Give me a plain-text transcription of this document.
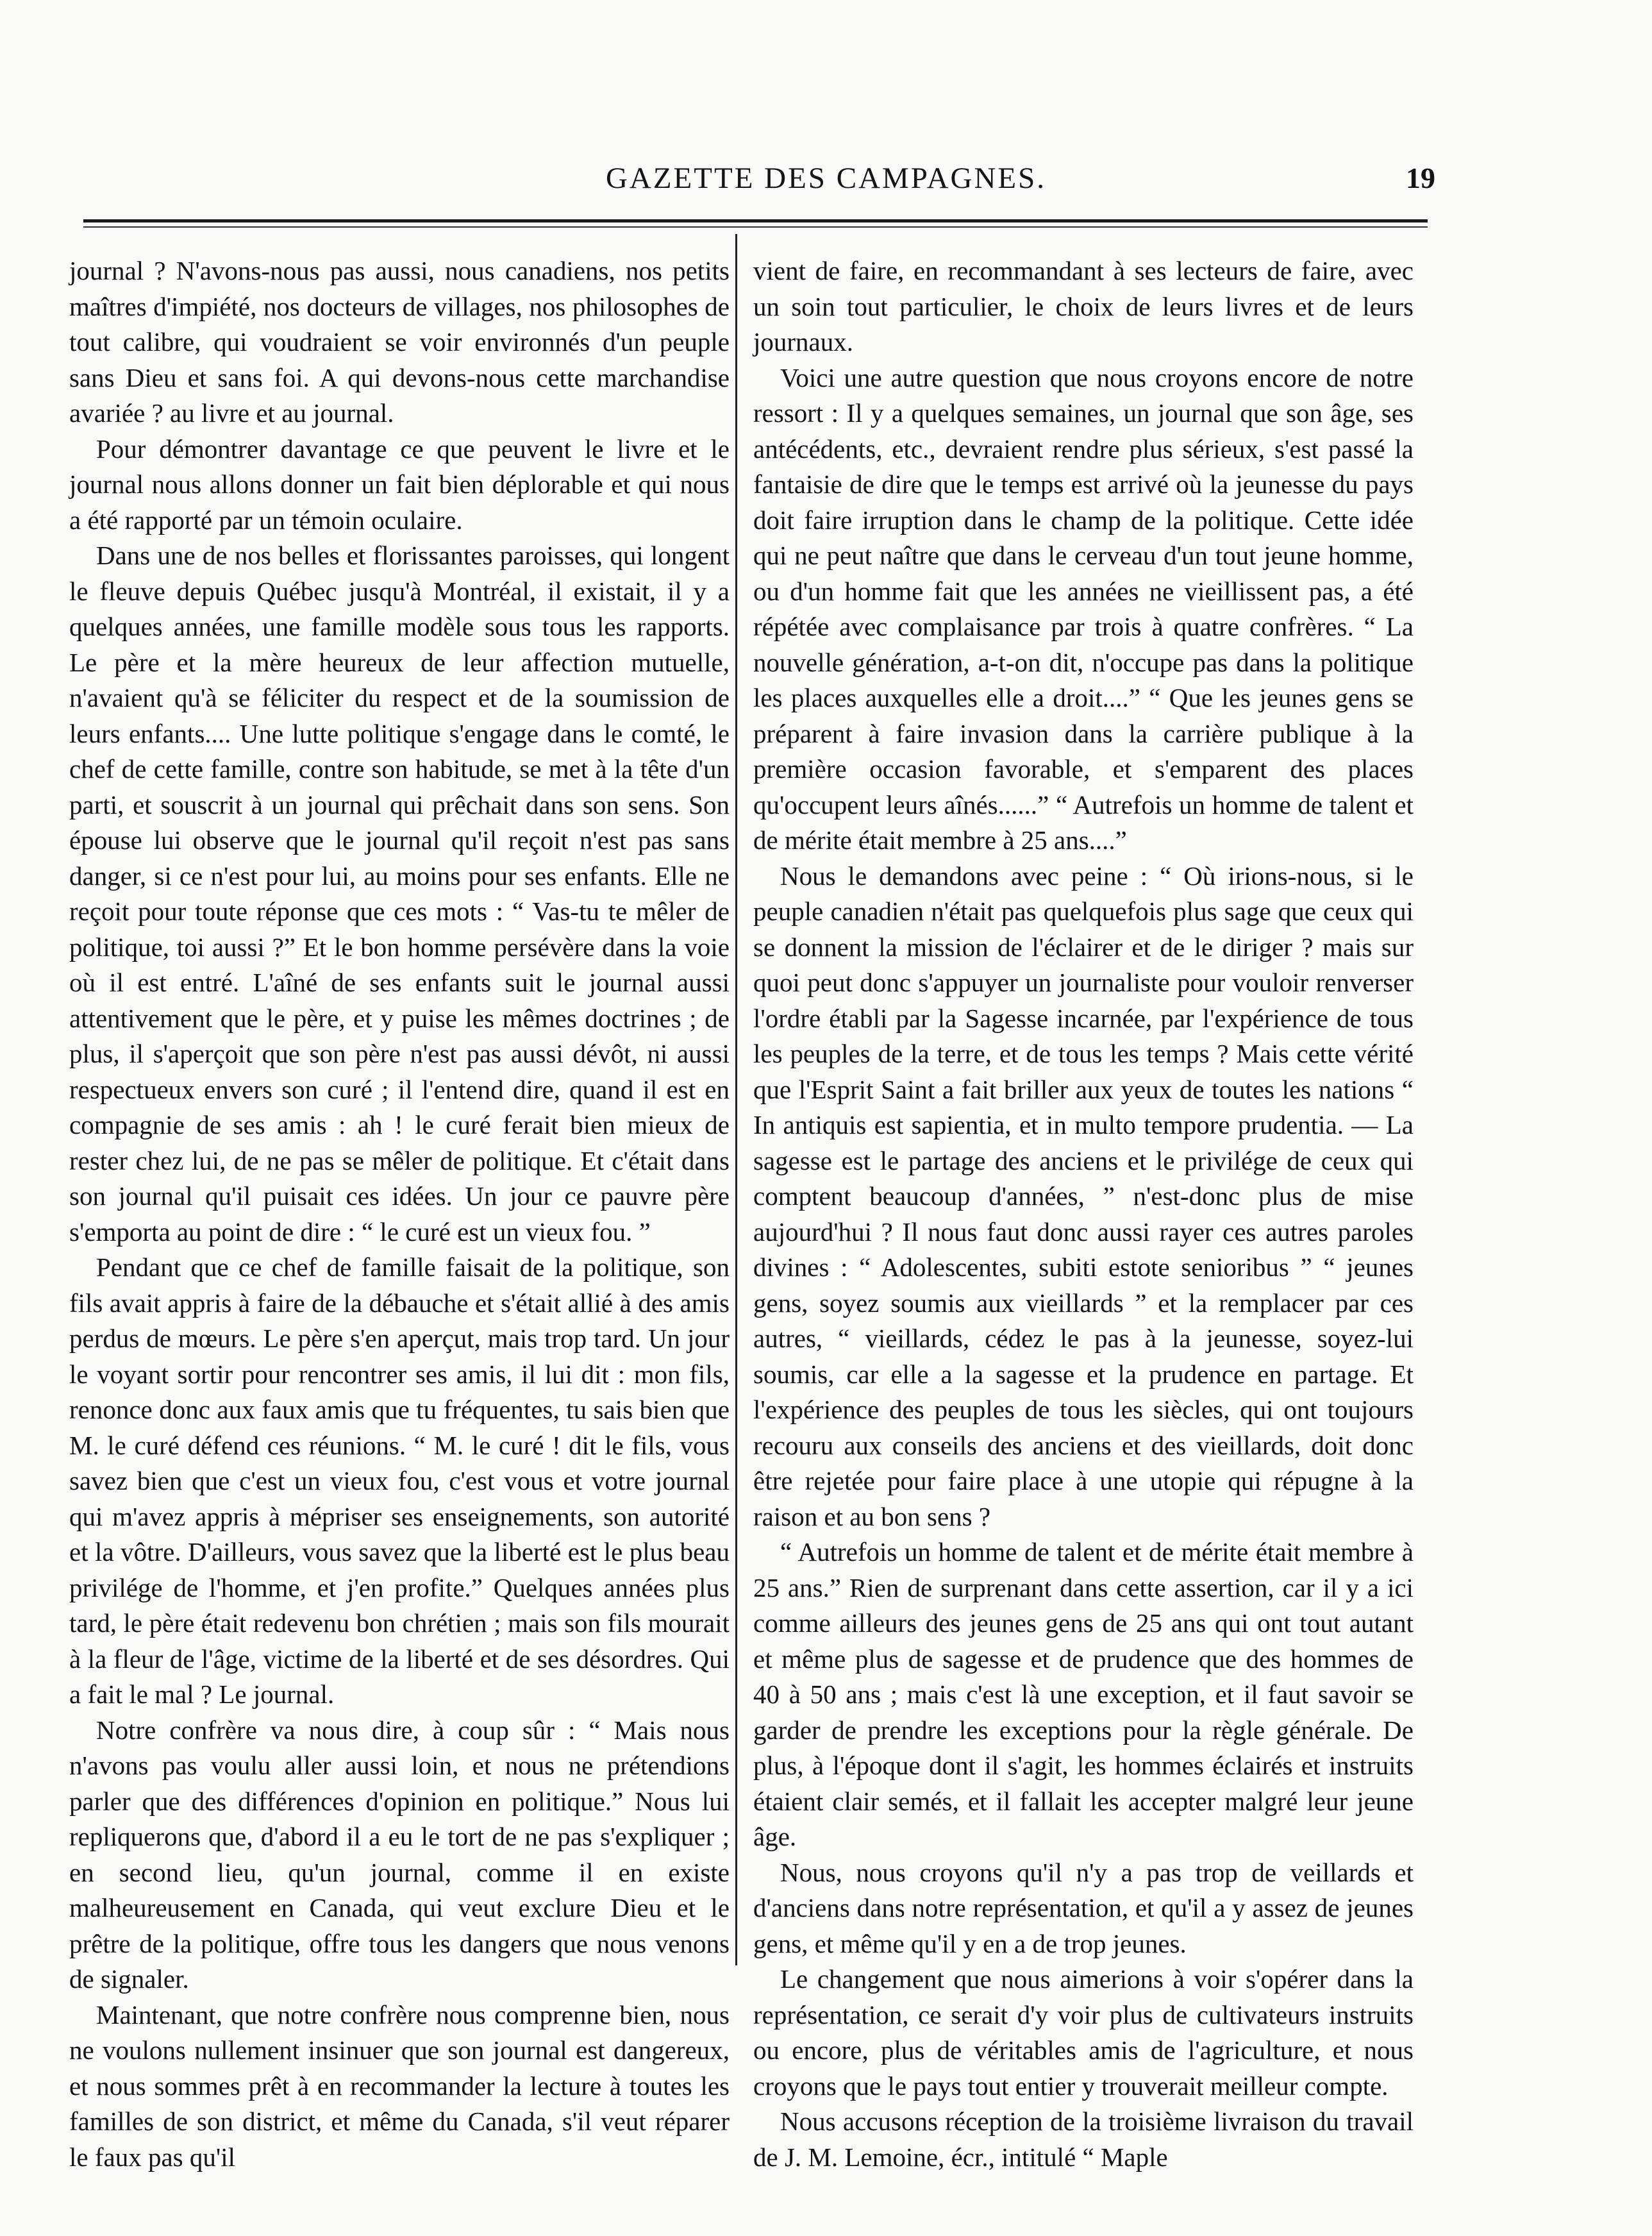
GAZETTE DES CAMPAGNES.	19

journal ? N'avons-nous pas aussi, nous canadiens, nos petits maîtres d'impiété, nos docteurs de villages, nos philosophes de tout calibre, qui voudraient se voir environnés d'un peuple sans Dieu et sans foi. A qui devons-nous cette marchandise avariée ? au livre et au journal.

Pour démontrer davantage ce que peuvent le livre et le journal nous allons donner un fait bien déplorable et qui nous a été rapporté par un témoin oculaire.

Dans une de nos belles et florissantes paroisses, qui longent le fleuve depuis Québec jusqu'à Montréal, il existait, il y a quelques années, une famille modèle sous tous les rapports. Le père et la mère heureux de leur affection mutuelle, n'avaient qu'à se féliciter du respect et de la soumission de leurs enfants.... Une lutte politique s'engage dans le comté, le chef de cette famille, contre son habitude, se met à la tête d'un parti, et souscrit à un journal qui prêchait dans son sens. Son épouse lui observe que le journal qu'il reçoit n'est pas sans danger, si ce n'est pour lui, au moins pour ses enfants. Elle ne reçoit pour toute réponse que ces mots : “ Vas-tu te mêler de politique, toi aussi ?” Et le bon homme persévère dans la voie où il est entré. L'aîné de ses enfants suit le journal aussi attentivement que le père, et y puise les mêmes doctrines ; de plus, il s'aperçoit que son père n'est pas aussi dévôt, ni aussi respectueux envers son curé ; il l'entend dire, quand il est en compagnie de ses amis : ah ! le curé ferait bien mieux de rester chez lui, de ne pas se mêler de politique. Et c'était dans son journal qu'il puisait ces idées. Un jour ce pauvre père s'emporta au point de dire : “ le curé est un vieux fou. ”

Pendant que ce chef de famille faisait de la politique, son fils avait appris à faire de la débauche et s'était allié à des amis perdus de mœurs. Le père s'en aperçut, mais trop tard. Un jour le voyant sortir pour rencontrer ses amis, il lui dit : mon fils, renonce donc aux faux amis que tu fréquentes, tu sais bien que M. le curé défend ces réunions. “ M. le curé ! dit le fils, vous savez bien que c'est un vieux fou, c'est vous et votre journal qui m'avez appris à mépriser ses enseignements, son autorité et la vôtre. D'ailleurs, vous savez que la liberté est le plus beau privilége de l'homme, et j'en profite.” Quelques années plus tard, le père était redevenu bon chrétien ; mais son fils mourait à la fleur de l'âge, victime de la liberté et de ses désordres. Qui a fait le mal ? Le journal.

Notre confrère va nous dire, à coup sûr : “ Mais nous n'avons pas voulu aller aussi loin, et nous ne prétendions parler que des différences d'opinion en politique.” Nous lui repliquerons que, d'abord il a eu le tort de ne pas s'expliquer ; en second lieu, qu'un journal, comme il en existe malheureusement en Canada, qui veut exclure Dieu et le prêtre de la politique, offre tous les dangers que nous venons de signaler.

Maintenant, que notre confrère nous comprenne bien, nous ne voulons nullement insinuer que son journal est dangereux, et nous sommes prêt à en recommander la lecture à toutes les familles de son district, et même du Canada, s'il veut réparer le faux pas qu'il

vient de faire, en recommandant à ses lecteurs de faire, avec un soin tout particulier, le choix de leurs livres et de leurs journaux.

Voici une autre question que nous croyons encore de notre ressort : Il y a quelques semaines, un journal que son âge, ses antécédents, etc., devraient rendre plus sérieux, s'est passé la fantaisie de dire que le temps est arrivé où la jeunesse du pays doit faire irruption dans le champ de la politique. Cette idée qui ne peut naître que dans le cerveau d'un tout jeune homme, ou d'un homme fait que les années ne vieillissent pas, a été répétée avec complaisance par trois à quatre confrères. “ La nouvelle génération, a-t-on dit, n'occupe pas dans la politique les places auxquelles elle a droit....” “ Que les jeunes gens se préparent à faire invasion dans la carrière publique à la première occasion favorable, et s'emparent des places qu'occupent leurs aînés......” “ Autrefois un homme de talent et de mérite était membre à 25 ans....”

Nous le demandons avec peine : “ Où irions-nous, si le peuple canadien n'était pas quelquefois plus sage que ceux qui se donnent la mission de l'éclairer et de le diriger ? mais sur quoi peut donc s'appuyer un journaliste pour vouloir renverser l'ordre établi par la Sagesse incarnée, par l'expérience de tous les peuples de la terre, et de tous les temps ? Mais cette vérité que l'Esprit Saint a fait briller aux yeux de toutes les nations “ In antiquis est sapientia, et in multo tempore prudentia. — La sagesse est le partage des anciens et le privilége de ceux qui comptent beaucoup d'années, ” n'est-donc plus de mise aujourd'hui ? Il nous faut donc aussi rayer ces autres paroles divines : “ Adolescentes, subiti estote senioribus ” “ jeunes gens, soyez soumis aux vieillards ” et la remplacer par ces autres, “ vieillards, cédez le pas à la jeunesse, soyez-lui soumis, car elle a la sagesse et la prudence en partage. Et l'expérience des peuples de tous les siècles, qui ont toujours recouru aux conseils des anciens et des vieillards, doit donc être rejetée pour faire place à une utopie qui répugne à la raison et au bon sens ?

“ Autrefois un homme de talent et de mérite était membre à 25 ans.” Rien de surprenant dans cette assertion, car il y a ici comme ailleurs des jeunes gens de 25 ans qui ont tout autant et même plus de sagesse et de prudence que des hommes de 40 à 50 ans ; mais c'est là une exception, et il faut savoir se garder de prendre les exceptions pour la règle générale. De plus, à l'époque dont il s'agit, les hommes éclairés et instruits étaient clair semés, et il fallait les accepter malgré leur jeune âge.

Nous, nous croyons qu'il n'y a pas trop de veillards et d'anciens dans notre représentation, et qu'il a y assez de jeunes gens, et même qu'il y en a de trop jeunes.

Le changement que nous aimerions à voir s'opérer dans la représentation, ce serait d'y voir plus de cultivateurs instruits ou encore, plus de véritables amis de l'agriculture, et nous croyons que le pays tout entier y trouverait meilleur compte.

Nous accusons réception de la troisième livraison du travail de J. M. Lemoine, écr., intitulé “ Maple
